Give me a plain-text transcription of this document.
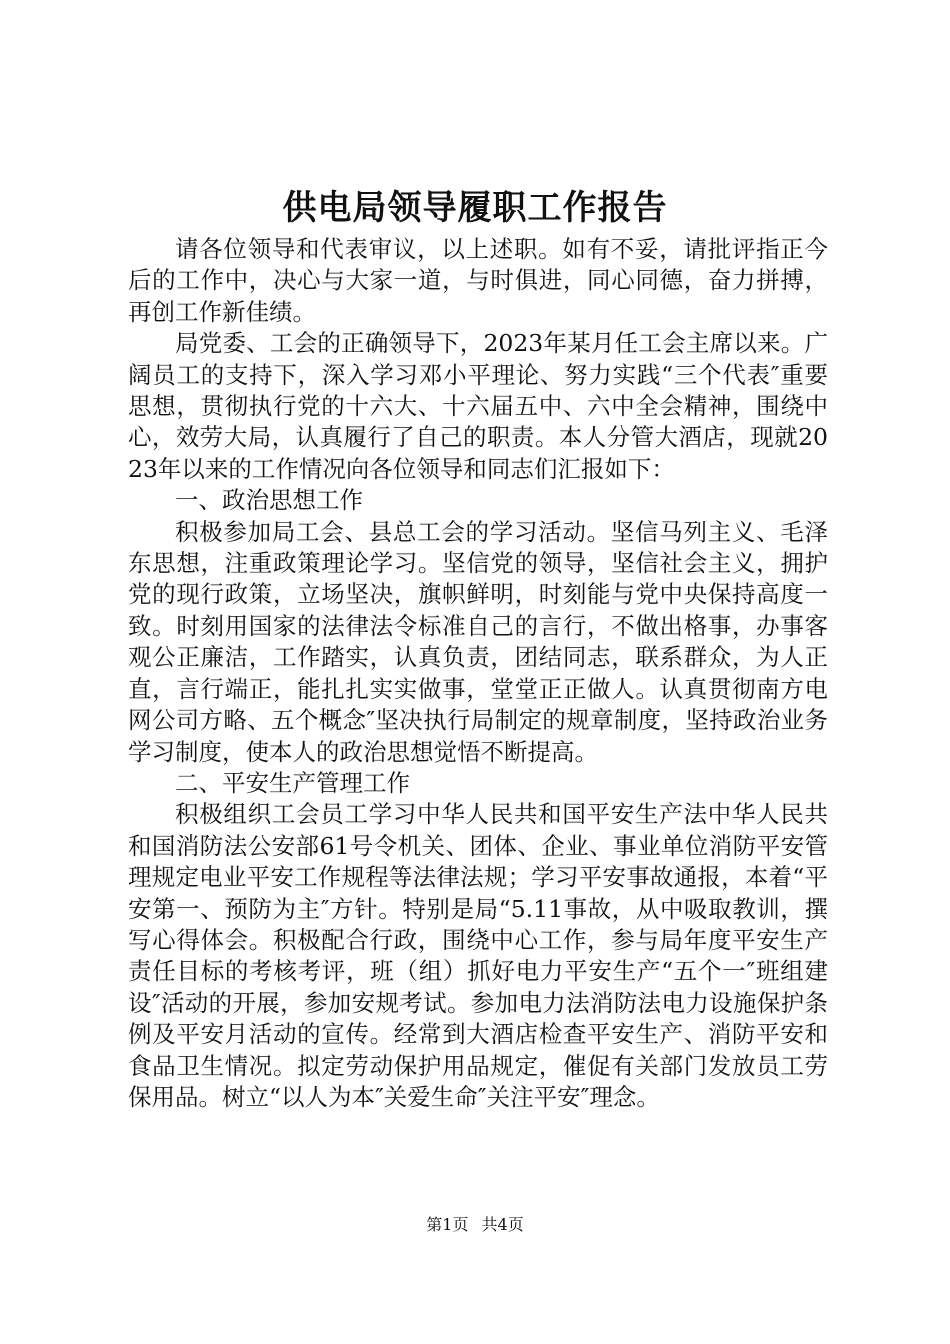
供电局领导履职工作报告

请各位领导和代表审议，以上述职。如有不妥，请批评指正今后的工作中，决心与大家一道，与时俱进，同心同德，奋力拼搏，再创工作新佳绩。

局党委、工会的正确领导下，2023年某月任工会主席以来。广阔员工的支持下，深入学习邓小平理论、努力实践“三个代表″重要思想，贯彻执行党的十六大、十六届五中、六中全会精神，围绕中心，效劳大局，认真履行了自己的职责。本人分管大酒店，现就2023年以来的工作情况向各位领导和同志们汇报如下：

一、政治思想工作

积极参加局工会、县总工会的学习活动。坚信马列主义、毛泽东思想，注重政策理论学习。坚信党的领导，坚信社会主义，拥护党的现行政策，立场坚决，旗帜鲜明，时刻能与党中央保持高度一致。时刻用国家的法律法令标准自己的言行，不做出格事，办事客观公正廉洁，工作踏实，认真负责，团结同志，联系群众，为人正直，言行端正，能扎扎实实做事，堂堂正正做人。认真贯彻南方电网公司方略、五个概念″坚决执行局制定的规章制度，坚持政治业务学习制度，使本人的政治思想觉悟不断提高。

二、平安生产管理工作

积极组织工会员工学习中华人民共和国平安生产法中华人民共和国消防法公安部61号令机关、团体、企业、事业单位消防平安管理规定电业平安工作规程等法律法规；学习平安事故通报，本着“平安第一、预防为主″方针。特别是局“5.11事故，从中吸取教训，撰写心得体会。积极配合行政，围绕中心工作，参与局年度平安生产责任目标的考核考评，班（组）抓好电力平安生产“五个一″班组建设″活动的开展，参加安规考试。参加电力法消防法电力设施保护条例及平安月活动的宣传。经常到大酒店检查平安生产、消防平安和食品卫生情况。拟定劳动保护用品规定，催促有关部门发放员工劳保用品。树立“以人为本″关爱生命″关注平安″理念。

第1页 共4页
